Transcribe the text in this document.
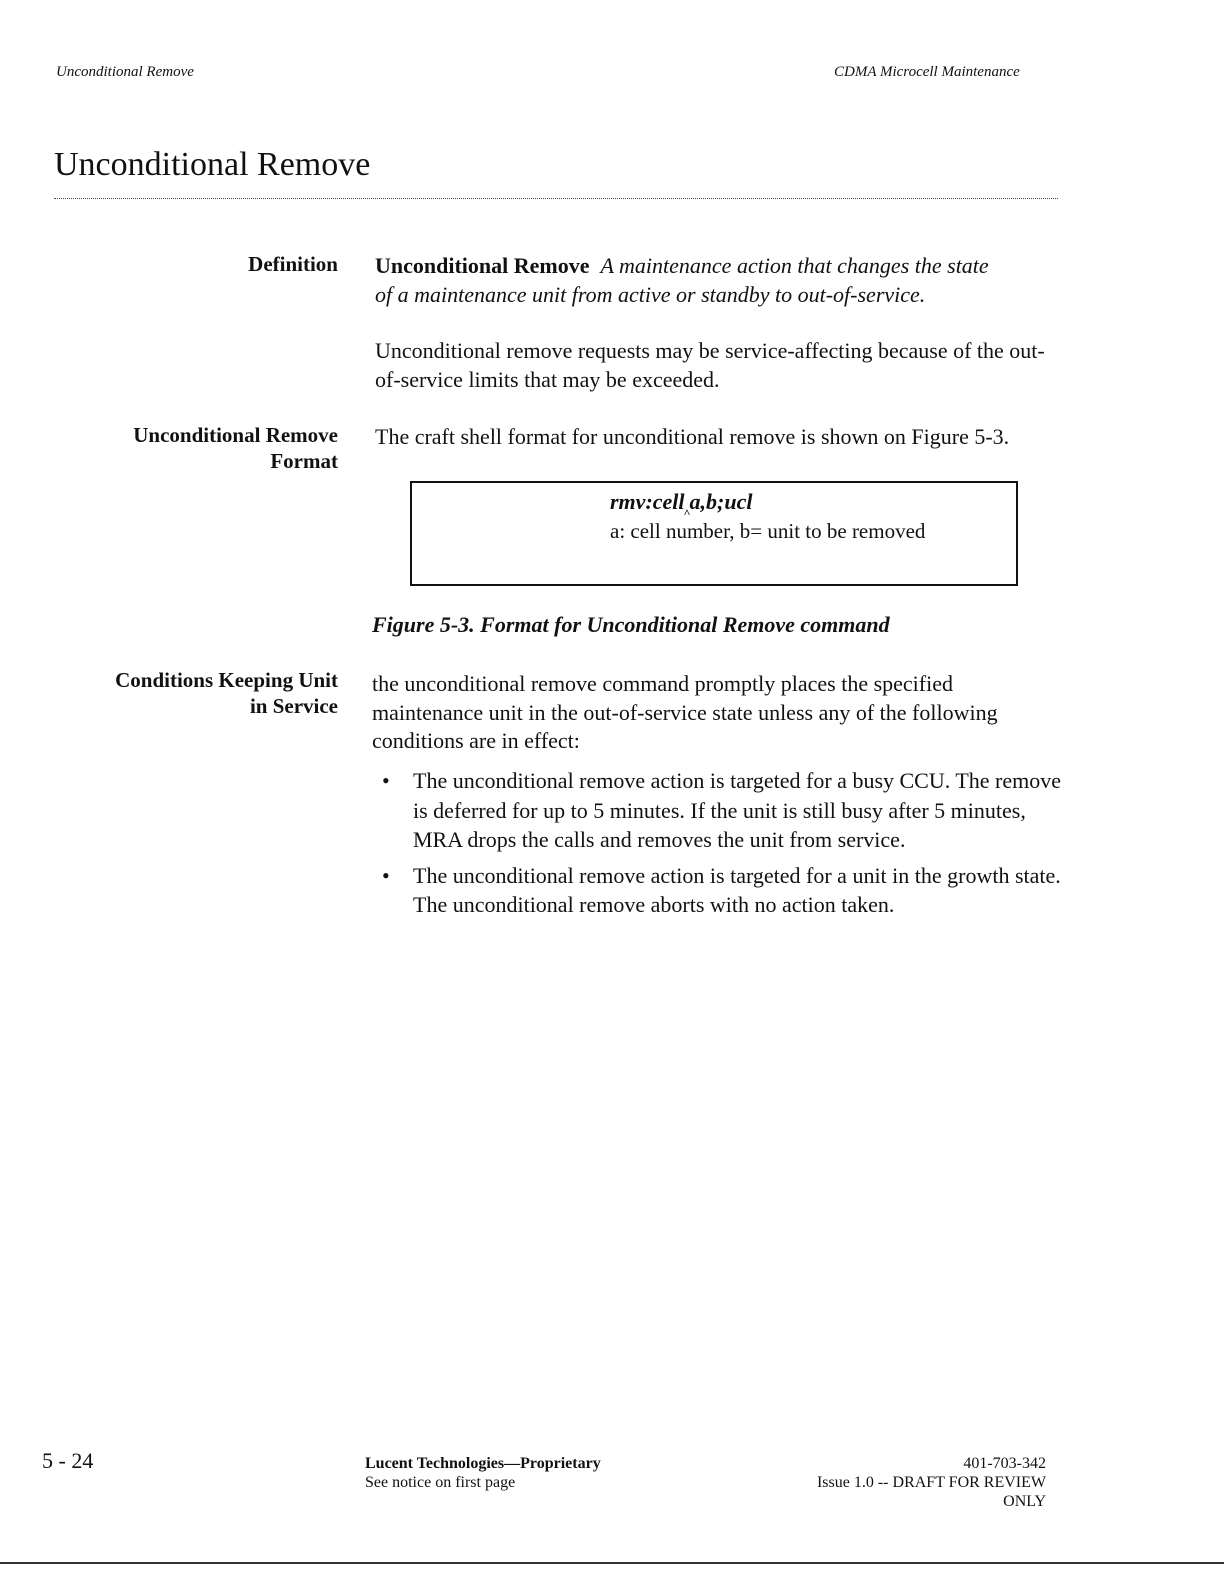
Unconditional Remove	CDMA Microcell Maintenance
Unconditional Remove
Definition Unconditional Remove A maintenance action that changes the state
of a maintenance unit from active or standby to out-of-service.
Unconditional remove requests may be service-affecting because of the out-of-service limits that may be exceeded.
Unconditional Remove
Format
The craft shell format for unconditional remove is shown on Figure 5-3.
rmv:cell$_{\^{}}$a,b;ucl
a: cell number, b= unit to be removed
Figure 5-3. Format for Unconditional Remove command
Conditions Keeping Unit
in Service
the unconditional remove command promptly places the specified maintenance unit in the out-of-service state unless any of the following conditions are in effect:
• The unconditional remove action is targeted for a busy CCU. The remove is deferred for up to 5 minutes. If the unit is still busy after 5 minutes, MRA drops the calls and removes the unit from service.
• The unconditional remove action is targeted for a unit in the growth state. The unconditional remove aborts with no action taken.
5 - 24	Lucent Technologies—Proprietary
See notice on first page
401-703-342
Issue 1.0 -- DRAFT FOR REVIEW
ONLY
